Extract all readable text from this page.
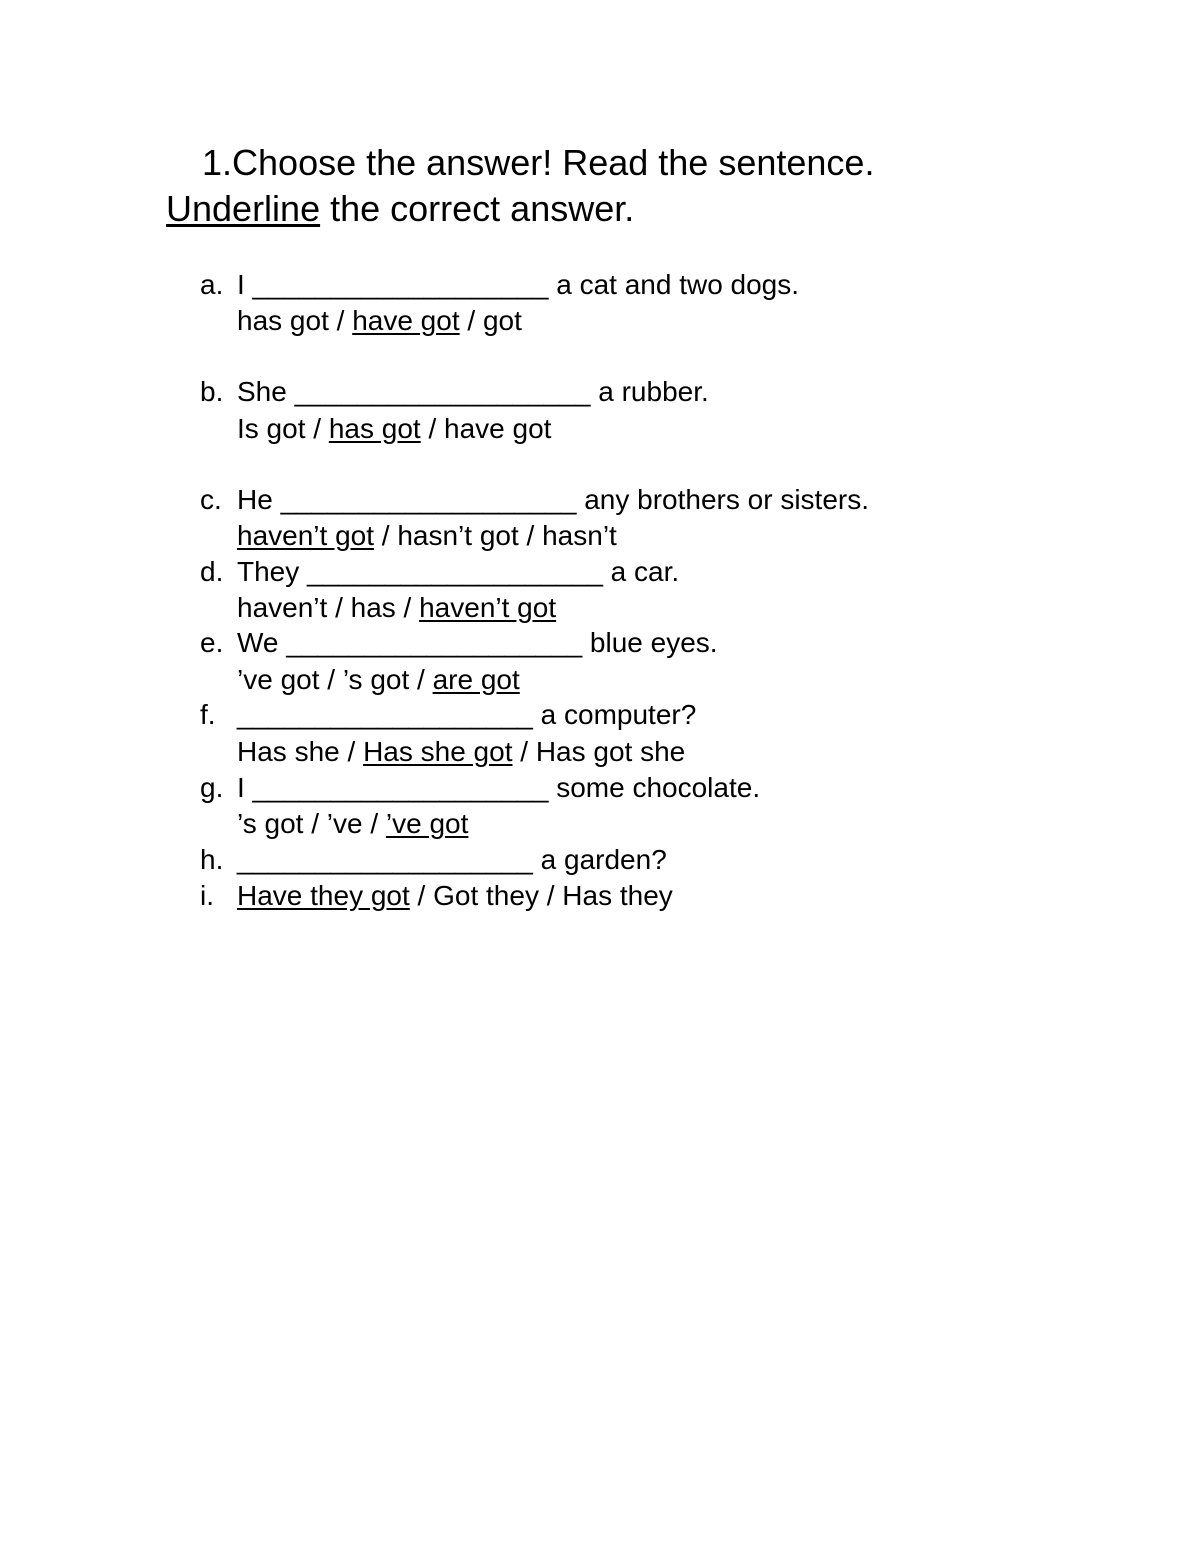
1.Choose the answer! Read the sentence.
Underline the correct answer.
a. I ___________________ a cat and two dogs.
has got / have got / got
b. She ___________________ a rubber.
Is got / has got / have got
c. He ___________________ any brothers or sisters.
haven’t got / hasn’t got / hasn’t
d. They ___________________ a car.
haven’t / has / haven’t got
e. We ___________________ blue eyes.
’ve got / ’s got / are got
f. ___________________ a computer?
Has she / Has she got / Has got she
g. I ___________________ some chocolate.
’s got / ’ve / ’ve got
h. ___________________ a garden?
i. Have they got / Got they / Has they
